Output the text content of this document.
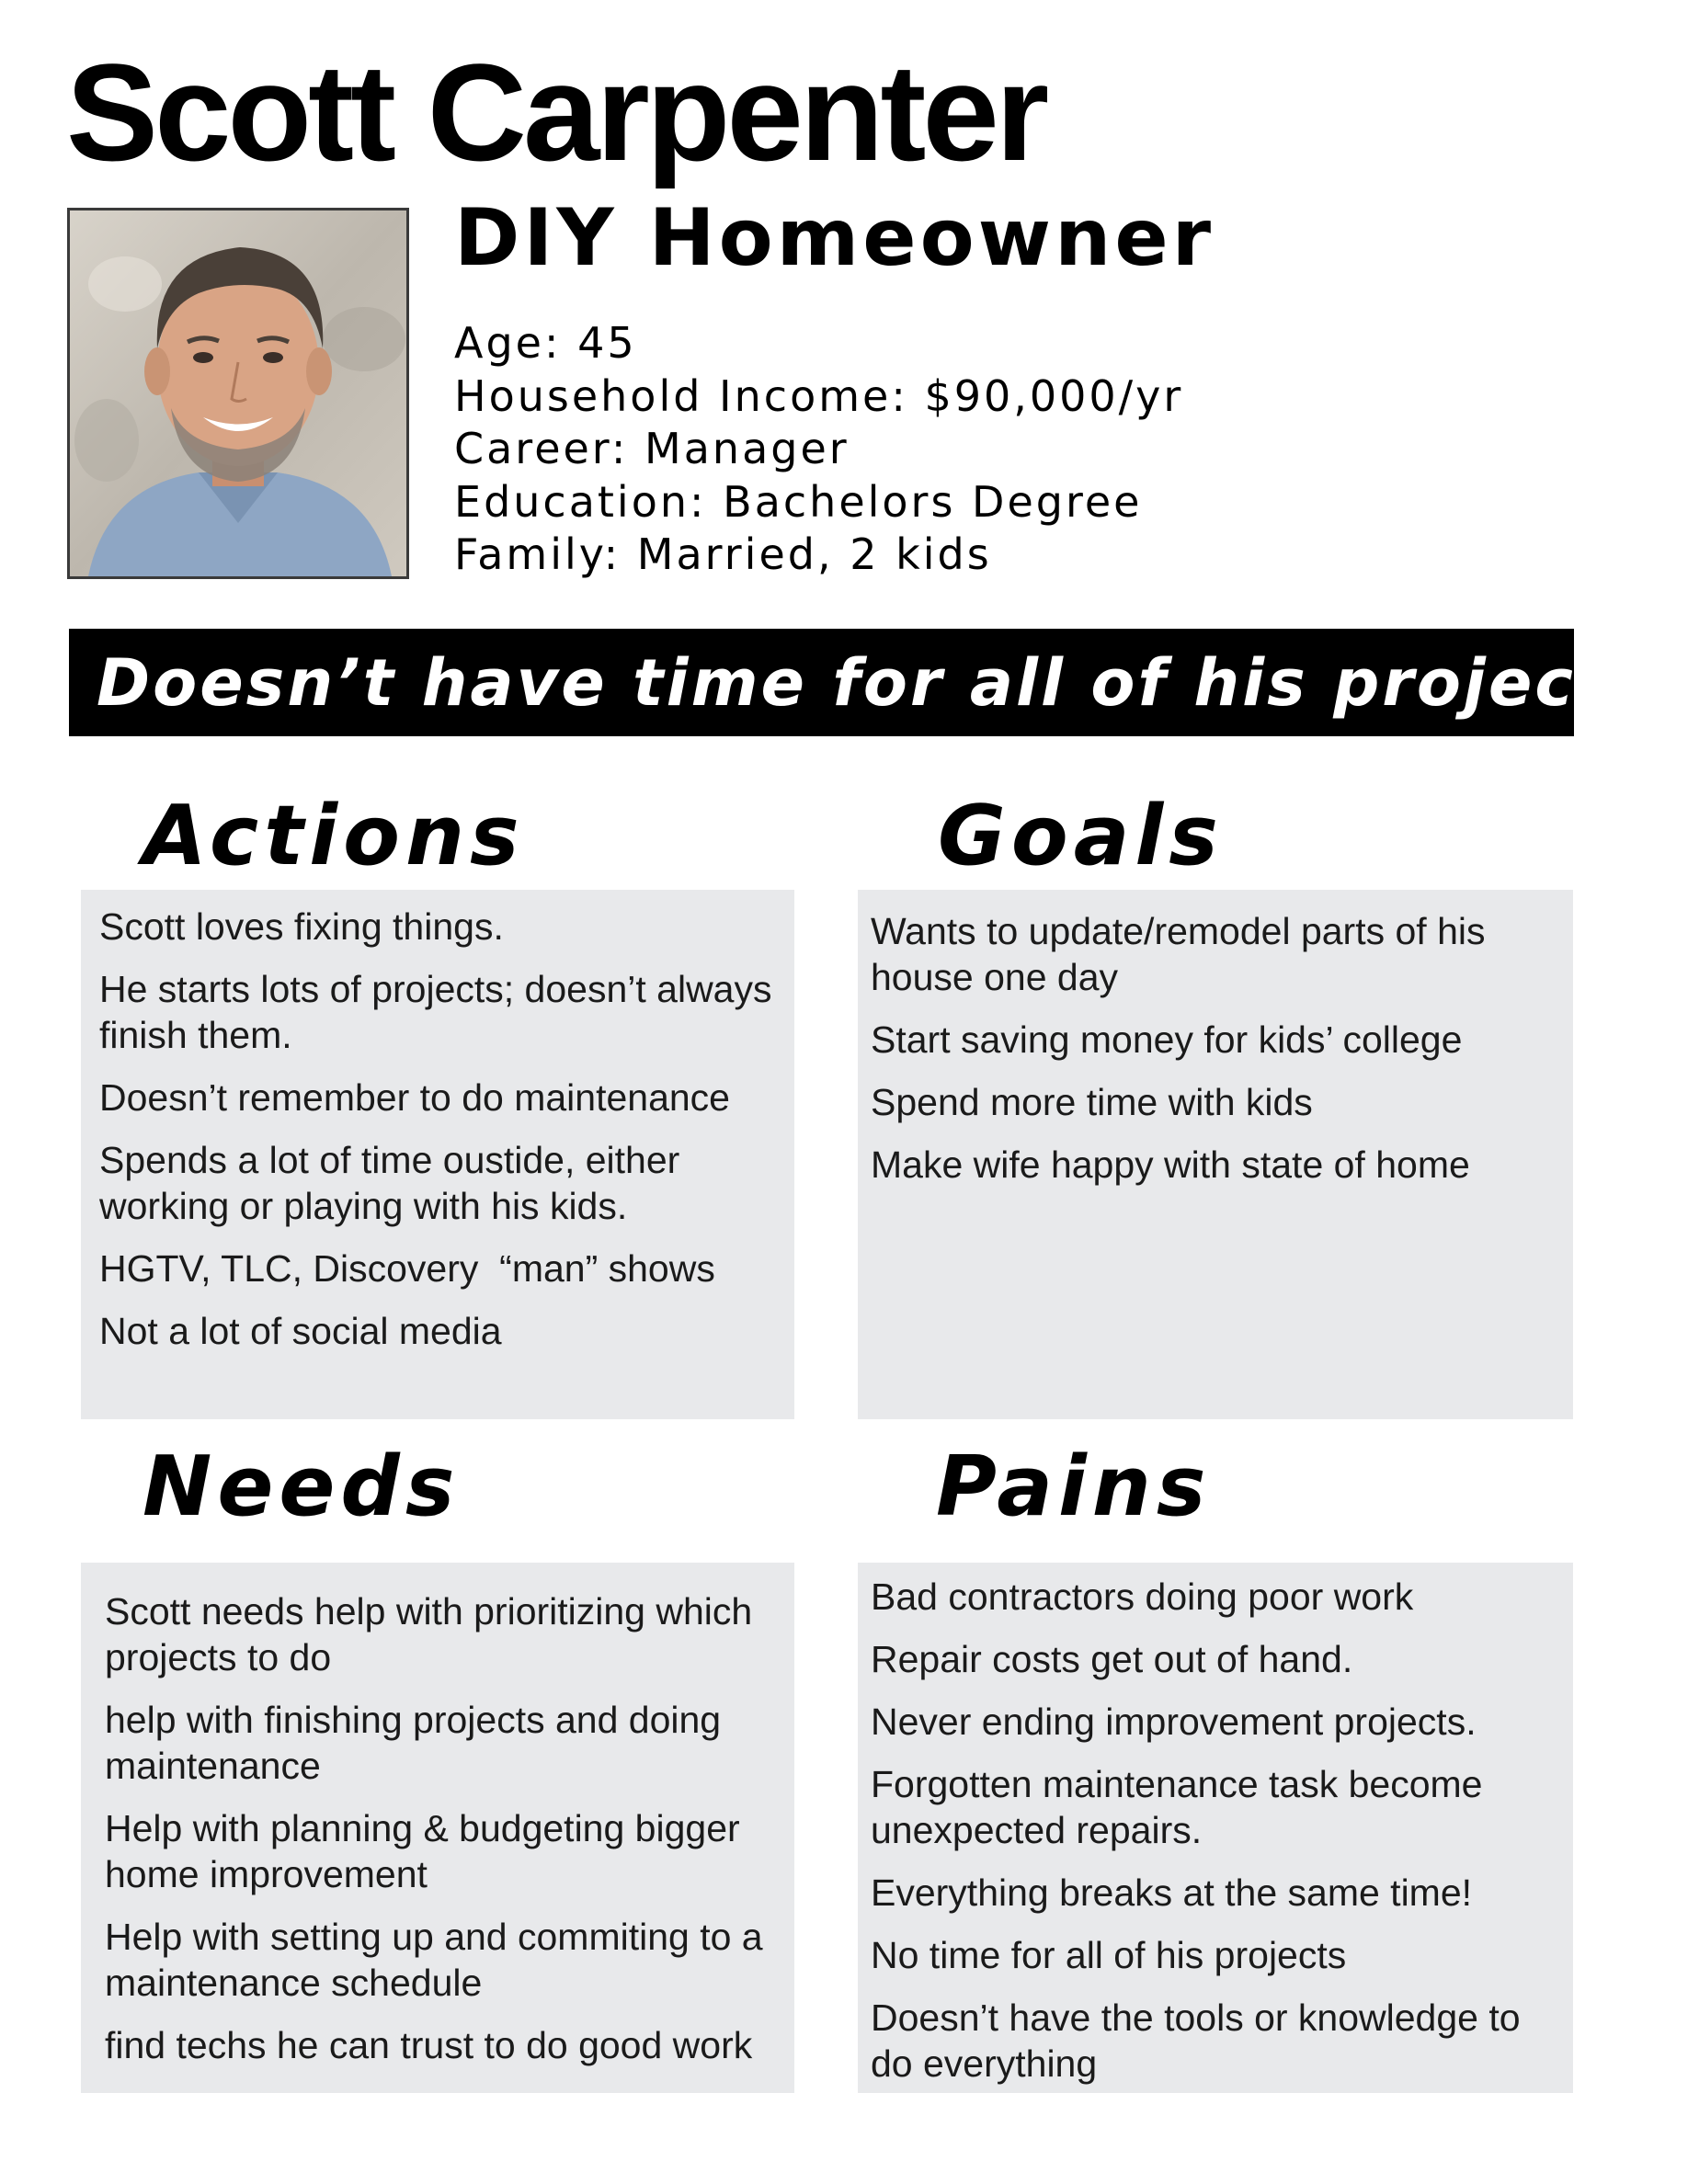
Scott Carpenter
DIY Homeowner
Age: 45
Household Income: $90,000/yr
Career: Manager
Education: Bachelors Degree
Family: Married, 2 kids
Doesn’t have time for all of his projects
Actions
Scott loves fixing things.
He starts lots of projects; doesn’t always finish them.
Doesn’t remember to do maintenance
Spends a lot of time oustide, either working or playing with his kids.
HGTV, TLC, Discovery  “man” shows
Not a lot of social media
Goals
Wants to update/remodel parts of his house one day
Start saving money for kids’ college
Spend more time with kids
Make wife happy with state of home
Needs
Scott needs help with prioritizing which projects to do
help with finishing projects and doing maintenance
Help with planning & budgeting bigger home improvement
Help with setting up and commiting to a maintenance schedule
find techs he can trust to do good work
Pains
Bad contractors doing poor work
Repair costs get out of hand.
Never ending improvement projects.
Forgotten maintenance task become unexpected repairs.
Everything breaks at the same time!
No time for all of his projects
Doesn’t have the tools or knowledge to do everything
